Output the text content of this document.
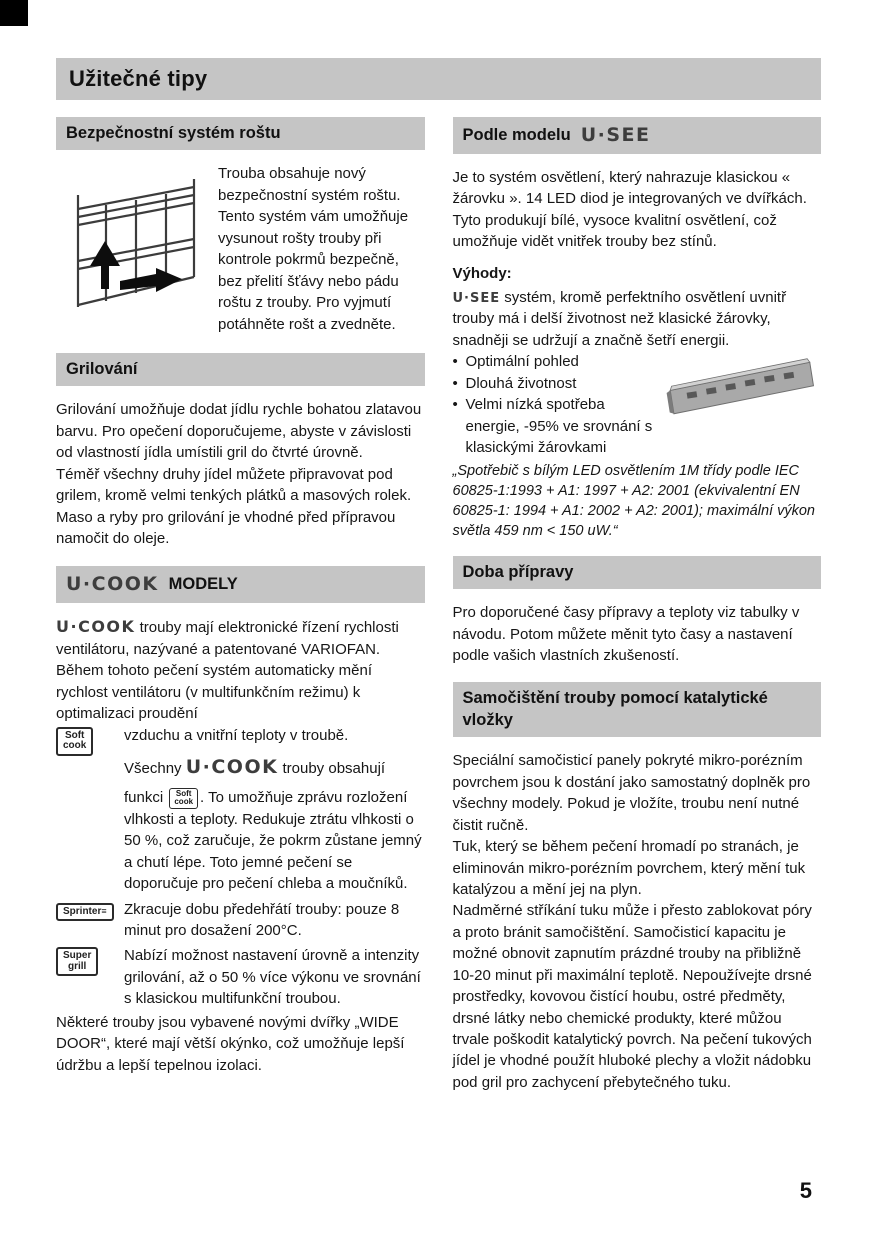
Užitečné tipy
Bezpečnostní systém roštu

Trouba obsahuje nový bezpečnostní systém roštu. Tento systém vám umožňuje vysunout rošty trouby při kontrole pokrmů bezpečně, bez přelití šťávy nebo pádu roštu z trouby. Pro vyjmutí potáhněte rošt a zvedněte.

Grilování

Grilování umožňuje dodat jídlu rychle bohatou zlatavou barvu. Pro opečení doporučujeme, abyste v závislosti od vlastností jídla umístili gril do čtvrté úrovně.

Téměř všechny druhy jídel můžete připravovat pod grilem, kromě velmi tenkých plátků a masových rolek. Maso a ryby pro grilování je vhodné před přípravou namočit do oleje.

U·COOK MODELY

U·COOK trouby mají elektronické řízení rychlosti ventilátoru, nazývané a patentované VARIOFAN. Během tohoto pečení systém automaticky mění rychlost ventilátoru (v multifunkčním režimu) k optimalizaci proudění

Soft
cook

vzduchu a vnitřní teploty v troubě.

Všechny U·COOK trouby obsahují

funkci Soft
cook . To umožňuje zprávu rozložení vlhkosti a teploty. Redukuje ztrátu vlhkosti o 50 %, což zaručuje, že pokrm zůstane jemný a chutí lépe. Toto jemné pečení se doporučuje pro pečení chleba a moučníků.

Sprinter≡	Zkracuje dobu předehřátí trouby: pouze 8 minut pro dosažení 200°C.

Super
grill

Nabízí možnost nastavení úrovně a intenzity grilování, až o 50 % více výkonu ve srovnání s klasickou multifunkční troubou.

Některé trouby jsou vybavené novými dvířky „WIDE DOOR“, které mají větší okýnko, což umožňuje lepší údržbu a lepší tepelnou izolaci.

Podle modelu U·SEE

Je to systém osvětlení, který nahrazuje klasickou « žárovku ». 14 LED diod je integrovaných ve dvířkách. Tyto produkují bílé, vysoce kvalitní osvětlení, což umožňuje vidět vnitřek trouby bez stínů.

Výhody:

U·SEE systém, kromě perfektního osvětlení uvnitř trouby má i delší životnost než klasické žárovky, snadněji se udržují a značně šetří energii.

• Optimální pohled
• Dlouhá životnost
• Velmi nízká spotřeba energie, -95% ve srovnání s klasickými žárovkami

„Spotřebič s bílým LED osvětlením 1M třídy podle IEC 60825-1:1993 + A1: 1997 + A2: 2001 (ekvivalentní EN 60825-1: 1994 + A1: 2002 + A2: 2001); maximální výkon světla 459 nm < 150 uW.“

Doba přípravy

Pro doporučené časy přípravy a teploty viz tabulky v návodu. Potom můžete měnit tyto časy a nastavení podle vašich vlastních zkušeností.

Samočištění trouby pomocí katalytické vložky

Speciální samočisticí panely pokryté mikro-porézním povrchem jsou k dostání jako samostatný doplněk pro všechny modely. Pokud je vložíte, troubu není nutné čistit ručně.

Tuk, který se během pečení hromadí po stranách, je eliminován mikro-porézním povrchem, který mění tuk katalýzou a mění jej na plyn.

Nadměrné stříkání tuku může i přesto zablokovat póry a proto bránit samočištění. Samočisticí kapacitu je možné obnovit zapnutím prázdné trouby na přibližně 10-20 minut při maximální teplotě. Nepoužívejte drsné prostředky, kovovou čistící houbu, ostré předměty, drsné látky nebo chemické produkty, které můžou trvale poškodit katalytický povrch. Na pečení tukových jídel je vhodné použít hluboké plechy a vložit nádobku pod gril pro zachycení přebytečného tuku.

5
